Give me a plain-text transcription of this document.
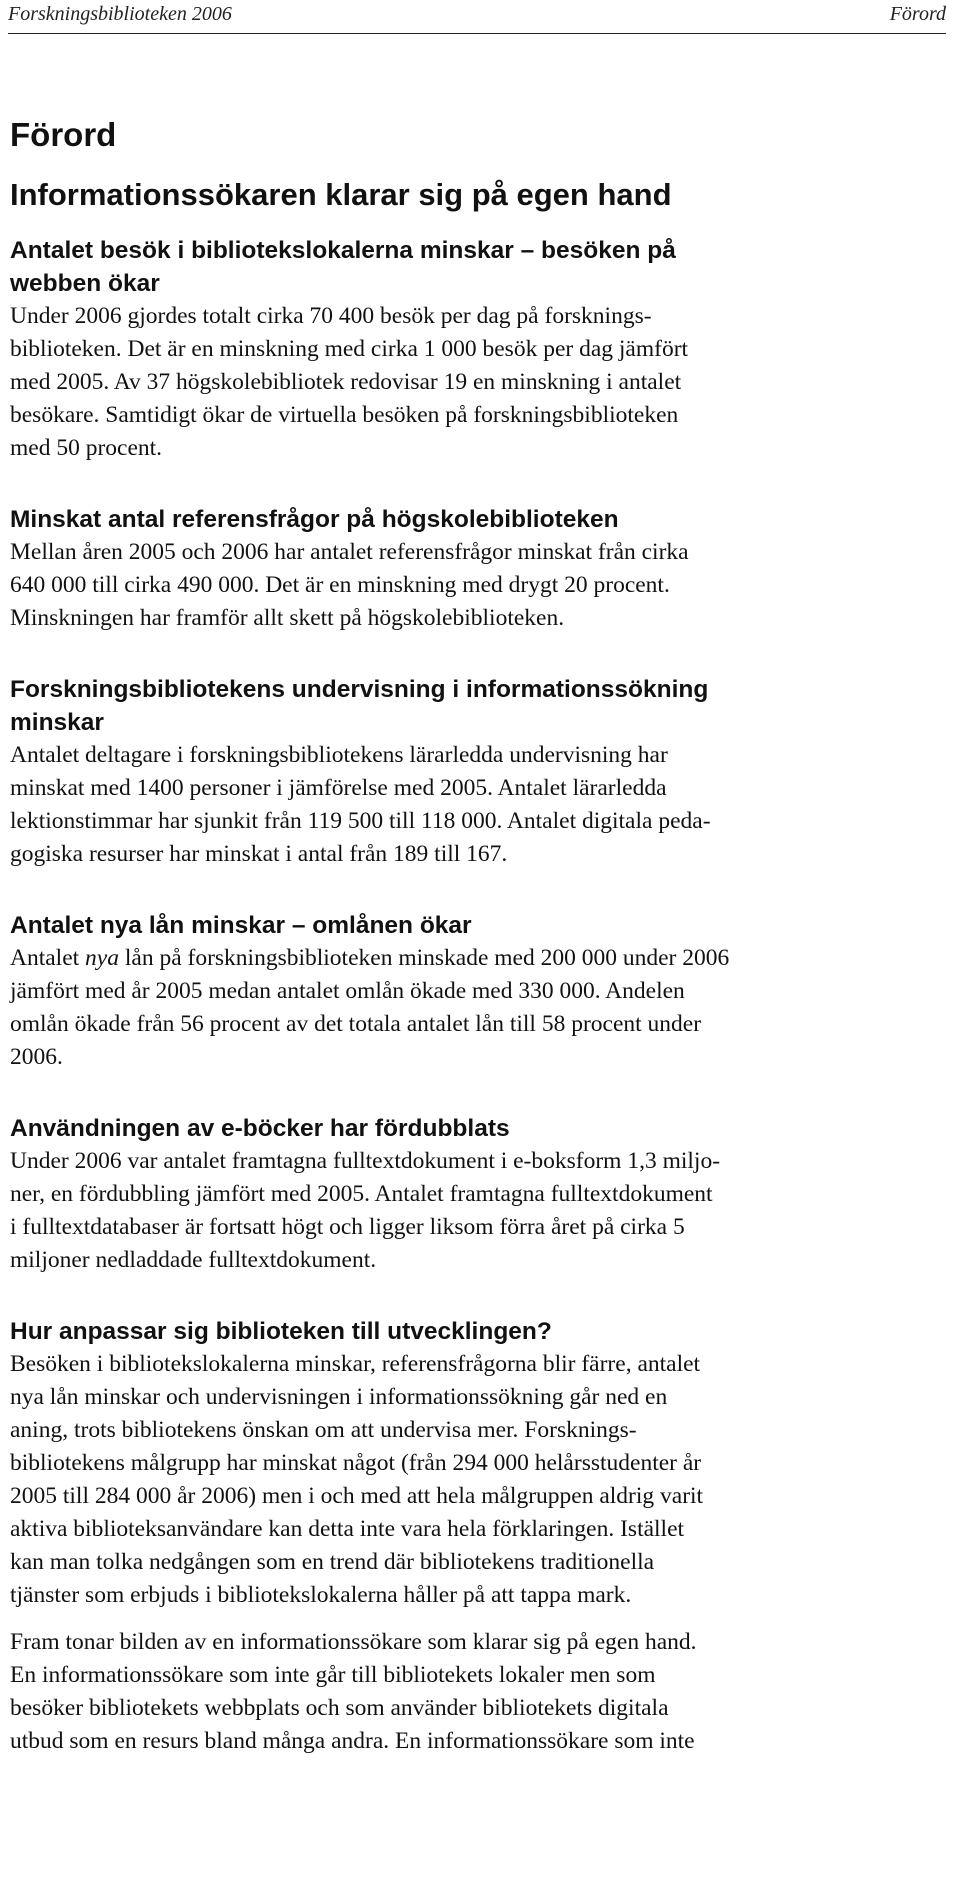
Forskningsbiblioteken 2006	Förord
Förord
Informationssökaren klarar sig på egen hand
Antalet besök i bibliotekslokalerna minskar – besöken på
webben ökar
Under 2006 gjordes totalt cirka 70 400 besök per dag på forsknings-
biblioteken. Det är en minskning med cirka 1 000 besök per dag jämfört
med 2005. Av 37 högskolebibliotek redovisar 19 en minskning i antalet
besökare. Samtidigt ökar de virtuella besöken på forskningsbiblioteken
med 50 procent.
Minskat antal referensfrågor på högskolebiblioteken
Mellan åren 2005 och 2006 har antalet referensfrågor minskat från cirka
640 000 till cirka 490 000. Det är en minskning med drygt 20 procent.
Minskningen har framför allt skett på högskolebiblioteken.
Forskningsbibliotekens undervisning i informationssökning
minskar
Antalet deltagare i forskningsbibliotekens lärarledda undervisning har
minskat med 1400 personer i jämförelse med 2005. Antalet lärarledda
lektionstimmar har sjunkit från 119 500 till 118 000. Antalet digitala peda-
gogiska resurser har minskat i antal från 189 till 167.
Antalet nya lån minskar – omlånen ökar
Antalet nya lån på forskningsbiblioteken minskade med 200 000 under 2006
jämfört med år 2005 medan antalet omlån ökade med 330 000. Andelen
omlån ökade från 56 procent av det totala antalet lån till 58 procent under
2006.
Användningen av e-böcker har fördubblats
Under 2006 var antalet framtagna fulltextdokument i e-boksform 1,3 miljo-
ner, en fördubbling jämfört med 2005. Antalet framtagna fulltextdokument
i fulltextdatabaser är fortsatt högt och ligger liksom förra året på cirka 5
miljoner nedladdade fulltextdokument.
Hur anpassar sig biblioteken till utvecklingen?
Besöken i bibliotekslokalerna minskar, referensfrågorna blir färre, antalet
nya lån minskar och undervisningen i informationssökning går ned en
aning, trots bibliotekens önskan om att undervisa mer. Forsknings-
bibliotekens målgrupp har minskat något (från 294 000 helårsstudenter år
2005 till 284 000 år 2006) men i och med att hela målgruppen aldrig varit
aktiva biblioteksanvändare kan detta inte vara hela förklaringen. Istället
kan man tolka nedgången som en trend där bibliotekens traditionella
tjänster som erbjuds i bibliotekslokalerna håller på att tappa mark.
Fram tonar bilden av en informationssökare som klarar sig på egen hand.
En informationssökare som inte går till bibliotekets lokaler men som
besöker bibliotekets webbplats och som använder bibliotekets digitala
utbud som en resurs bland många andra. En informationssökare som inte
